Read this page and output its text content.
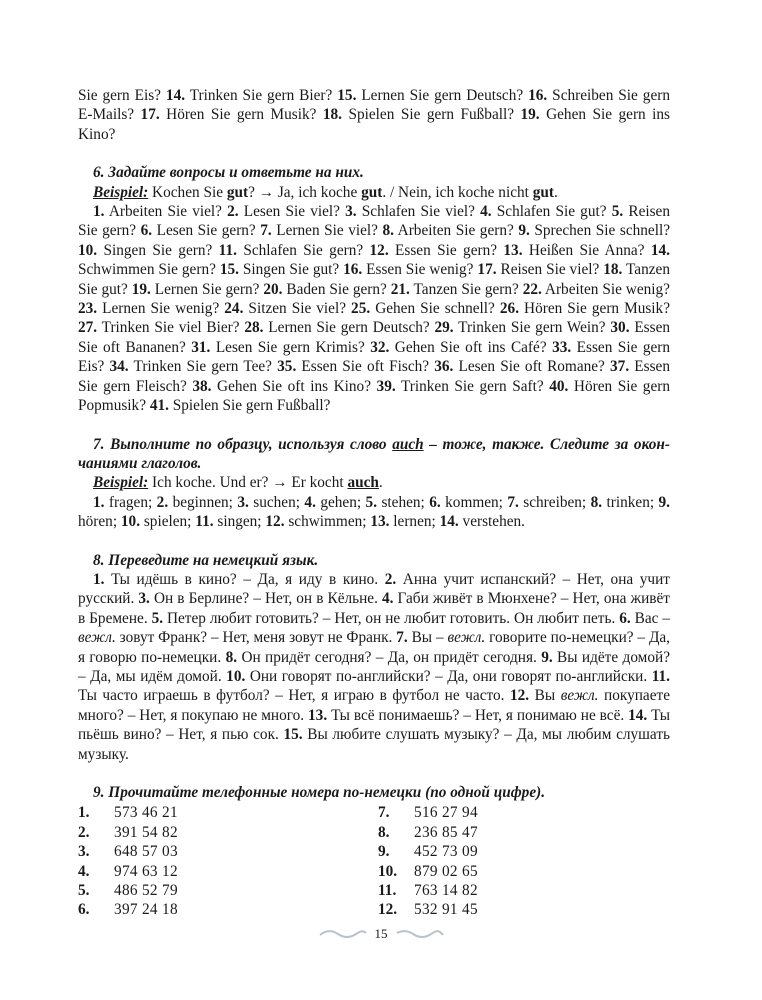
Sie gern Eis? 14. Trinken Sie gern Bier? 15. Lernen Sie gern Deutsch? 16. Schreiben Sie gern E-Mails? 17. Hören Sie gern Musik? 18. Spielen Sie gern Fußball? 19. Gehen Sie gern ins Kino?

6. Задайте вопросы и ответьте на них.

Beispiel: Kochen Sie gut? → Ja, ich koche gut. / Nein, ich koche nicht gut.

1. Arbeiten Sie viel? 2. Lesen Sie viel? 3. Schlafen Sie viel? 4. Schlafen Sie gut? 5. Reisen Sie gern? 6. Lesen Sie gern? 7. Lernen Sie viel? 8. Arbeiten Sie gern? 9. Sprechen Sie schnell? 10. Singen Sie gern? 11. Schlafen Sie gern? 12. Essen Sie gern? 13. Heißen Sie Anna? 14. Schwimmen Sie gern? 15. Singen Sie gut? 16. Essen Sie wenig? 17. Reisen Sie viel? 18. Tanzen Sie gut? 19. Lernen Sie gern? 20. Baden Sie gern? 21. Tanzen Sie gern? 22. Arbeiten Sie wenig? 23. Lernen Sie wenig? 24. Sitzen Sie viel? 25. Gehen Sie schnell? 26. Hören Sie gern Musik? 27. Trinken Sie viel Bier? 28. Lernen Sie gern Deutsch? 29. Trinken Sie gern Wein? 30. Essen Sie oft Bananen? 31. Lesen Sie gern Krimis? 32. Gehen Sie oft ins Café? 33. Essen Sie gern Eis? 34. Trinken Sie gern Tee? 35. Essen Sie oft Fisch? 36. Lesen Sie oft Romane? 37. Essen Sie gern Fleisch? 38. Gehen Sie oft ins Kino? 39. Trinken Sie gern Saft? 40. Hören Sie gern Popmusik? 41. Spielen Sie gern Fußball?

7. Выполните по образцу, используя слово auch – тоже, также. Следите за окончаниями глаголов.

Beispiel: Ich koche. Und er? → Er kocht auch.

1. fragen; 2. beginnen; 3. suchen; 4. gehen; 5. stehen; 6. kommen; 7. schreiben; 8. trinken; 9. hören; 10. spielen; 11. singen; 12. schwimmen; 13. lernen; 14. verstehen.

8. Переведите на немецкий язык.

1. Ты идёшь в кино? – Да, я иду в кино. 2. Анна учит испанский? – Нет, она учит русский. 3. Он в Берлине? – Нет, он в Кёльне. 4. Габи живёт в Мюнхене? – Нет, она живёт в Бремене. 5. Петер любит готовить? – Нет, он не любит готовить. Он любит петь. 6. Вас – вежл. зовут Франк? – Нет, меня зовут не Франк. 7. Вы – вежл. говорите по-немецки? – Да, я говорю по-немецки. 8. Он придёт сегодня? – Да, он придёт сегодня. 9. Вы идёте домой? – Да, мы идём домой. 10. Они говорят по-английски? – Да, они говорят по-английски. 11. Ты часто играешь в футбол? – Нет, я играю в футбол не часто. 12. Вы вежл. покупаете много? – Нет, я покупаю не много. 13. Ты всё понимаешь? – Нет, я понимаю не всё. 14. Ты пьёшь вино? – Нет, я пью сок. 15. Вы любите слушать музыку? – Да, мы любим слушать музыку.

9. Прочитайте телефонные номера по-немецки (по одной цифре).

1.	573 46 21
2.	391 54 82
3.	648 57 03
4.	974 63 12
5.	486 52 79
6.	397 24 18
7.	516 27 94
8.	236 85 47
9.	452 73 09
10.	879 02 65
11.	763 14 82
12.	532 91 45
15
